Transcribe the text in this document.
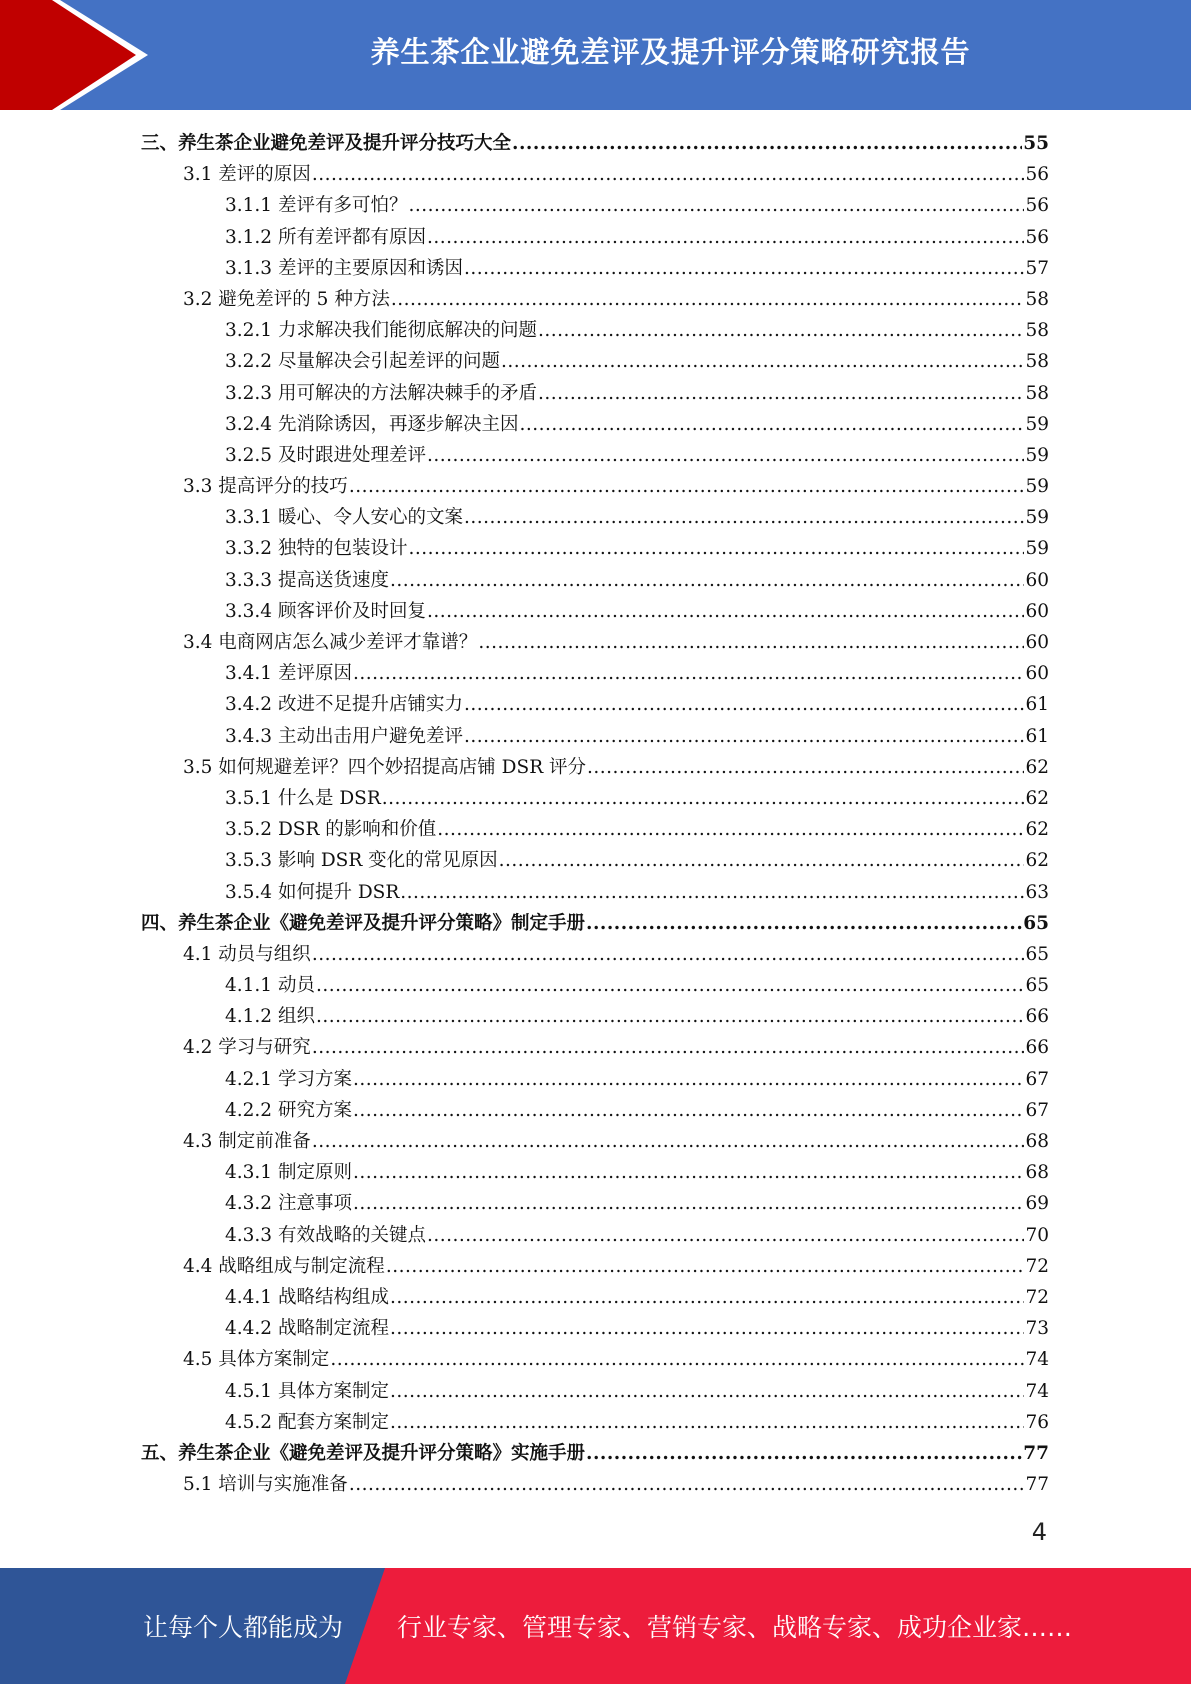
养生茶企业避免差评及提升评分策略研究报告
三、养生茶企业避免差评及提升评分技巧大全 .....	55
3.1 差评的原因 .....	56
3.1.1 差评有多可怕？ .....	56
3.1.2 所有差评都有原因 .....	56
3.1.3 差评的主要原因和诱因 .....	57
3.2 避免差评的 5 种方法 .....	58
3.2.1 力求解决我们能彻底解决的问题 .....	58
3.2.2 尽量解决会引起差评的问题 .....	58
3.2.3 用可解决的方法解决棘手的矛盾 .....	58
3.2.4 先消除诱因，再逐步解决主因 .....	59
3.2.5 及时跟进处理差评 .....	59
3.3 提高评分的技巧 .....	59
3.3.1 暖心、令人安心的文案 .....	59
3.3.2 独特的包装设计 .....	59
3.3.3 提高送货速度 .....	60
3.3.4 顾客评价及时回复 .....	60
3.4 电商网店怎么减少差评才靠谱？ .....	60
3.4.1 差评原因 .....	60
3.4.2 改进不足提升店铺实力 .....	61
3.4.3 主动出击用户避免差评 .....	61
3.5 如何规避差评？四个妙招提高店铺 DSR 评分 .....	62
3.5.1 什么是 DSR .....	62
3.5.2 DSR 的影响和价值 .....	62
3.5.3 影响 DSR 变化的常见原因 .....	62
3.5.4 如何提升 DSR .....	63
四、养生茶企业《避免差评及提升评分策略》制定手册 .....	65
4.1 动员与组织 .....	65
4.1.1 动员 .....	65
4.1.2 组织 .....	66
4.2 学习与研究 .....	66
4.2.1 学习方案 .....	67
4.2.2 研究方案 .....	67
4.3 制定前准备 .....	68
4.3.1 制定原则 .....	68
4.3.2 注意事项 .....	69
4.3.3 有效战略的关键点 .....	70
4.4 战略组成与制定流程 .....	72
4.4.1 战略结构组成 .....	72
4.4.2 战略制定流程 .....	73
4.5 具体方案制定 .....	74
4.5.1 具体方案制定 .....	74
4.5.2 配套方案制定 .....	76
五、养生茶企业《避免差评及提升评分策略》实施手册 .....	77
5.1 培训与实施准备 .....	77
4
让每个人都能成为 行业专家、管理专家、营销专家、战略专家、成功企业家……
